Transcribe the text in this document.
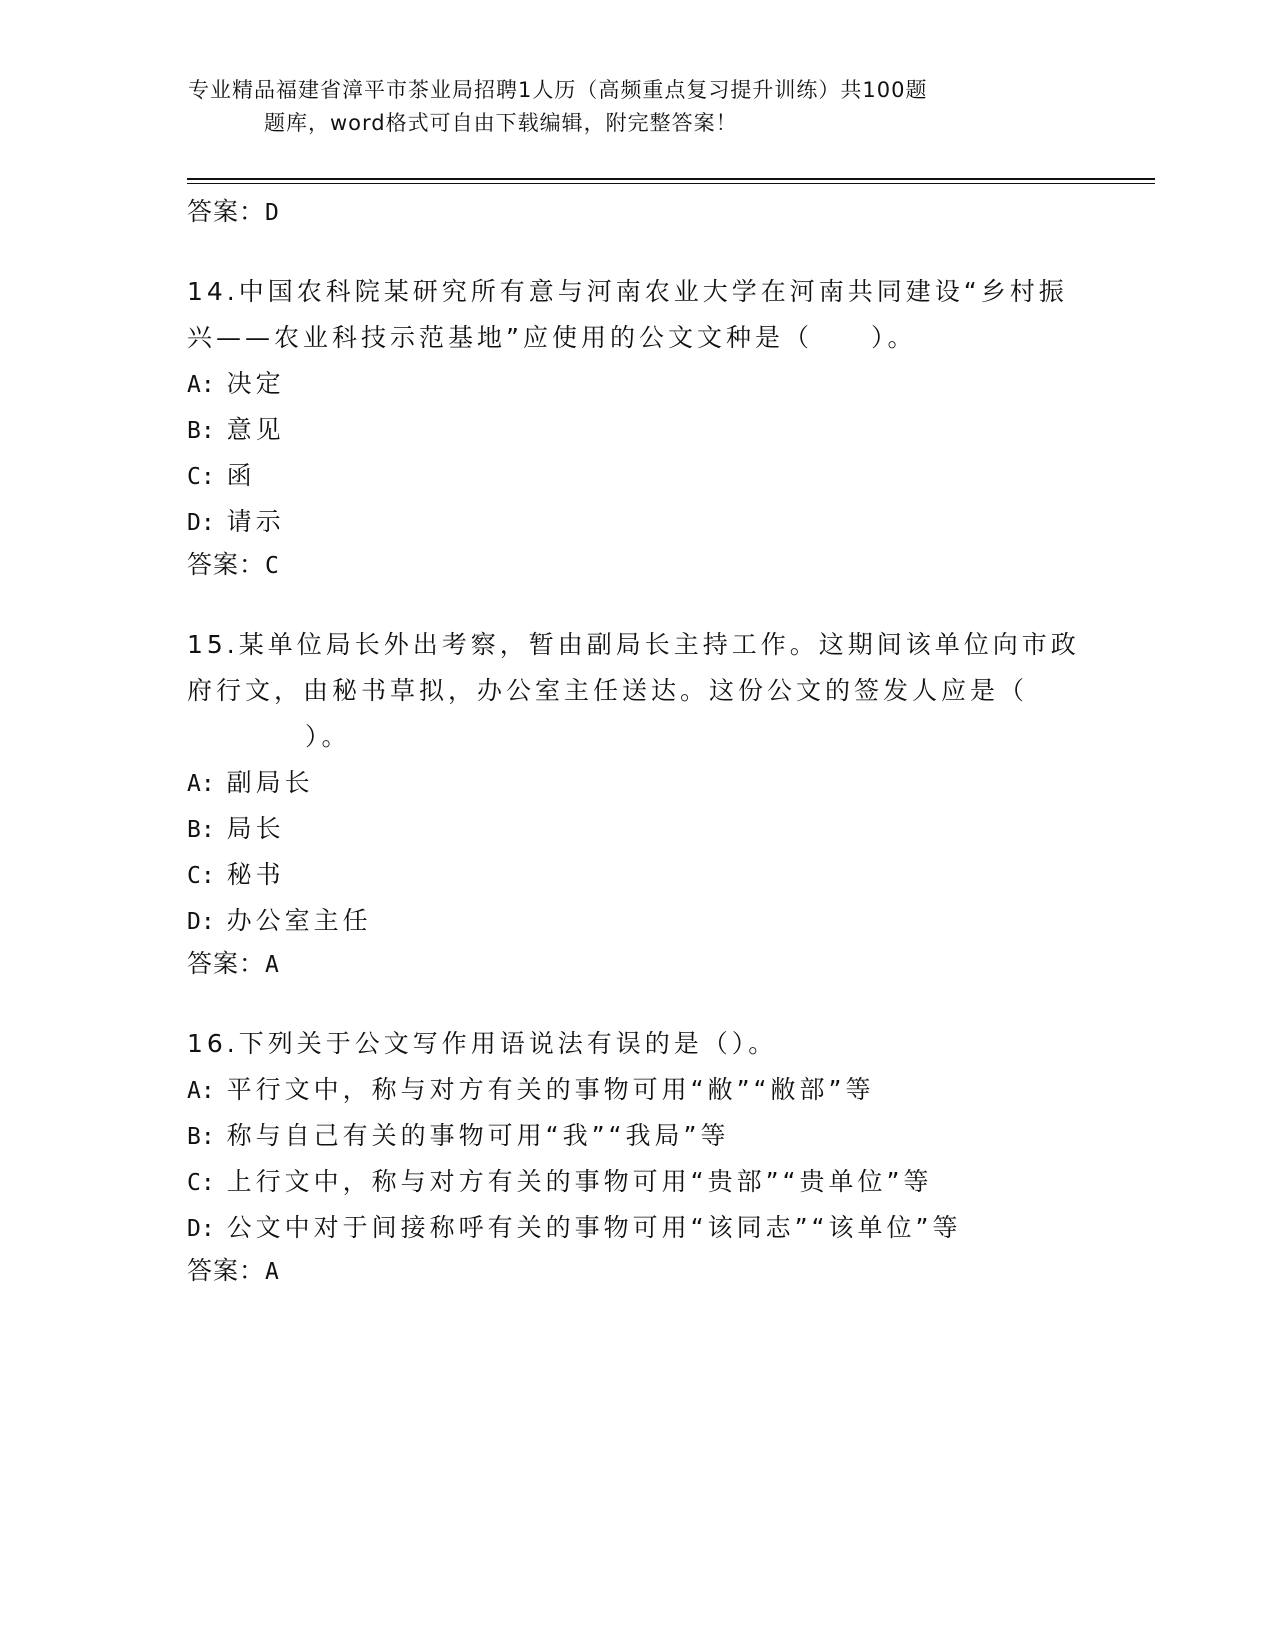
专业精品福建省漳平市茶业局招聘1人历（高频重点复习提升训练）共100题
题库，word格式可自由下载编辑，附完整答案！
答案：D
14.中国农科院某研究所有意与河南农业大学在河南共同建设“乡村振兴——农业科技示范基地”应使用的公文文种是（　　）。
A: 决定
B: 意见
C: 函
D: 请示
答案：C
15.某单位局长外出考察，暂由副局长主持工作。这期间该单位向市政府行文，由秘书草拟，办公室主任送达。这份公文的签发人应是（
）。
A: 副局长
B: 局长
C: 秘书
D: 办公室主任
答案：A
16.下列关于公文写作用语说法有误的是（）。
A: 平行文中，称与对方有关的事物可用“敝”“敝部”等
B: 称与自己有关的事物可用“我”“我局”等
C: 上行文中，称与对方有关的事物可用“贵部”“贵单位”等
D: 公文中对于间接称呼有关的事物可用“该同志”“该单位”等
答案：A
